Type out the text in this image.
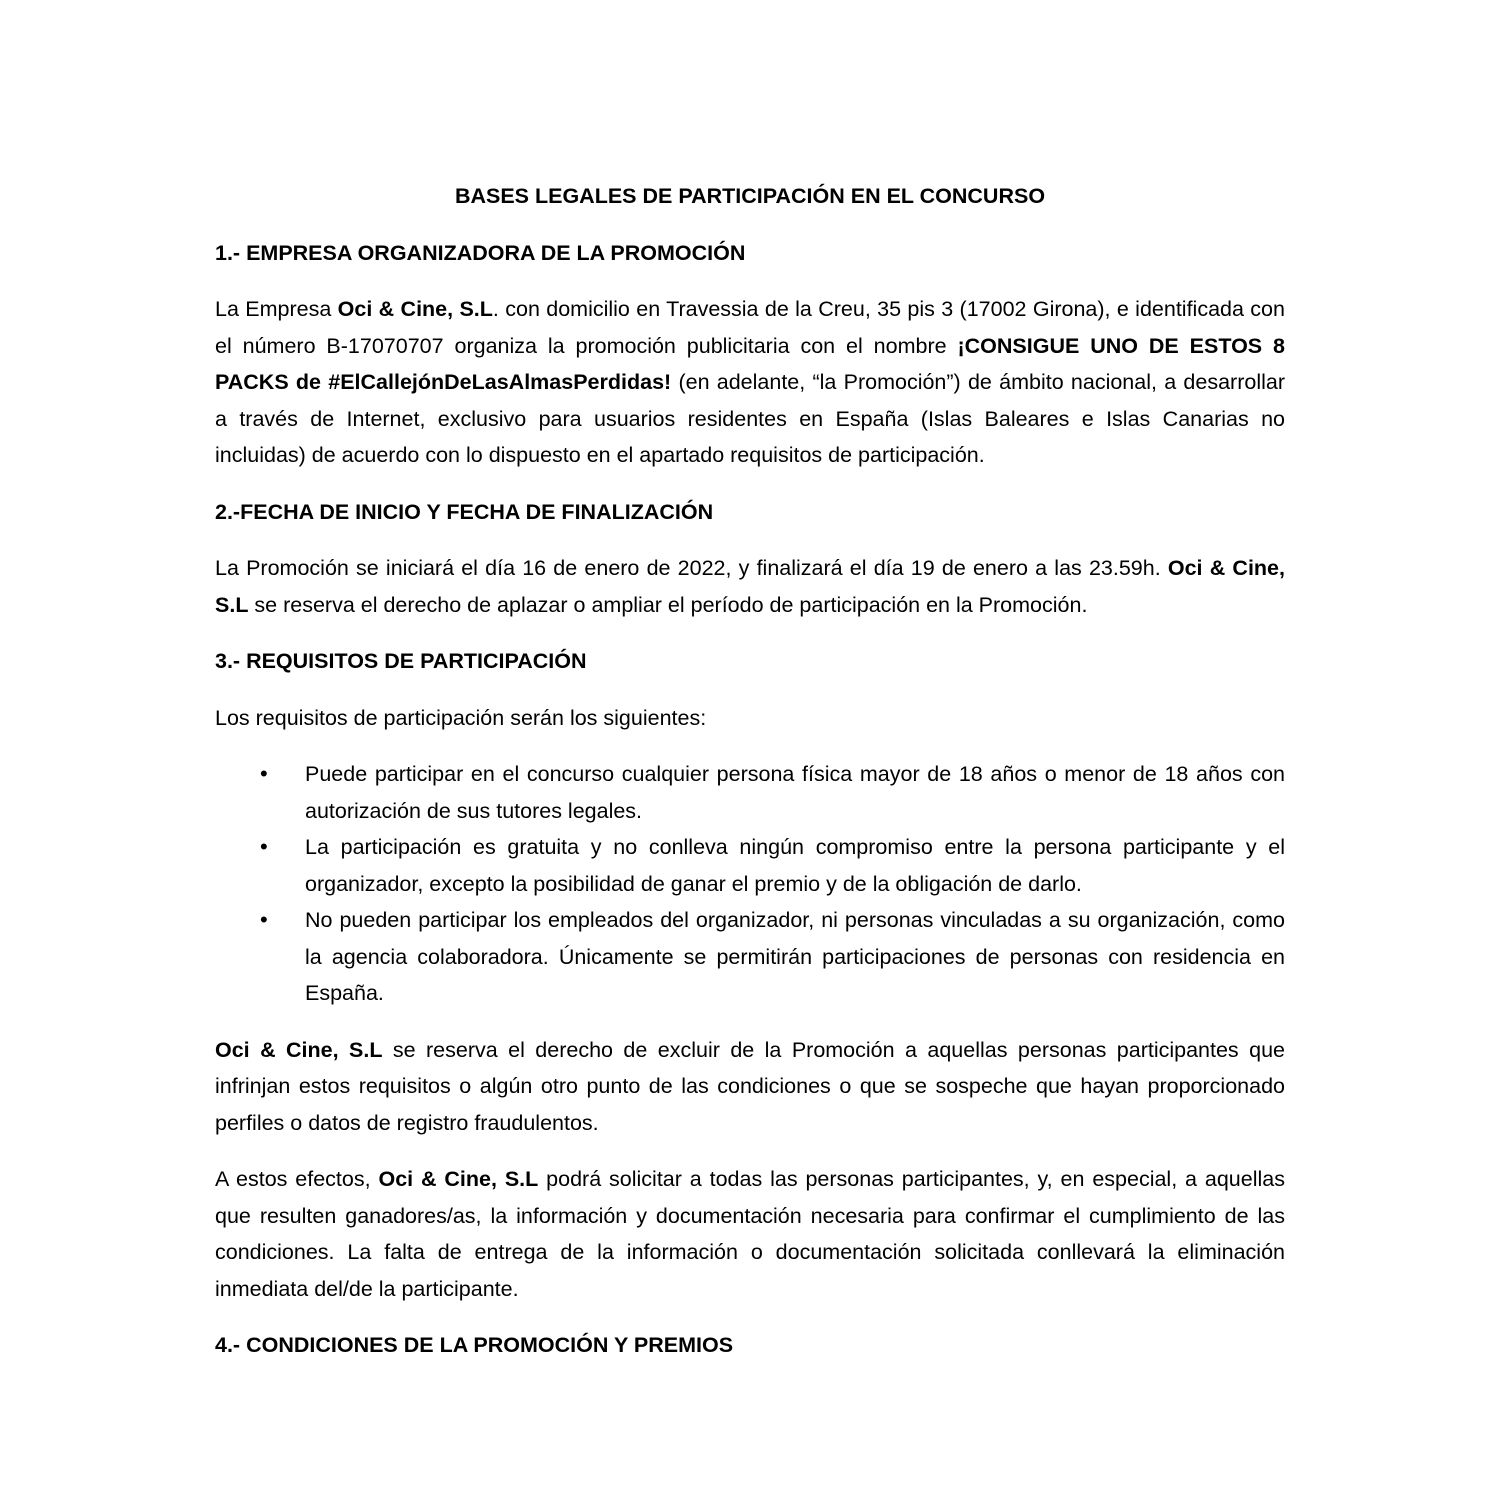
BASES LEGALES DE PARTICIPACIÓN EN EL CONCURSO
1.- EMPRESA ORGANIZADORA DE LA PROMOCIÓN

La Empresa Oci & Cine, S.L. con domicilio en Travessia de la Creu, 35 pis 3 (17002 Girona), e identificada con el número B-17070707 organiza la promoción publicitaria con el nombre ¡CONSIGUE UNO DE ESTOS 8 PACKS de #ElCallejónDeLasAlmasPerdidas! (en adelante, “la Promoción”) de ámbito nacional, a desarrollar a través de Internet, exclusivo para usuarios residentes en España (Islas Baleares e Islas Canarias no incluidas) de acuerdo con lo dispuesto en el apartado requisitos de participación.

2.-FECHA DE INICIO Y FECHA DE FINALIZACIÓN

La Promoción se iniciará el día 16 de enero de 2022, y finalizará el día 19 de enero a las 23.59h. Oci & Cine, S.L se reserva el derecho de aplazar o ampliar el período de participación en la Promoción.

3.- REQUISITOS DE PARTICIPACIÓN

Los requisitos de participación serán los siguientes:

• Puede participar en el concurso cualquier persona física mayor de 18 años o menor de 18 años con autorización de sus tutores legales.
• La participación es gratuita y no conlleva ningún compromiso entre la persona participante y el organizador, excepto la posibilidad de ganar el premio y de la obligación de darlo.
• No pueden participar los empleados del organizador, ni personas vinculadas a su organización, como la agencia colaboradora. Únicamente se permitirán participaciones de personas con residencia en España.

Oci & Cine, S.L se reserva el derecho de excluir de la Promoción a aquellas personas participantes que infrinjan estos requisitos o algún otro punto de las condiciones o que se sospeche que hayan proporcionado perfiles o datos de registro fraudulentos.

A estos efectos, Oci & Cine, S.L podrá solicitar a todas las personas participantes, y, en especial, a aquellas que resulten ganadores/as, la información y documentación necesaria para confirmar el cumplimiento de las condiciones. La falta de entrega de la información o documentación solicitada conllevará la eliminación inmediata del/de la participante.

4.- CONDICIONES DE LA PROMOCIÓN Y PREMIOS
